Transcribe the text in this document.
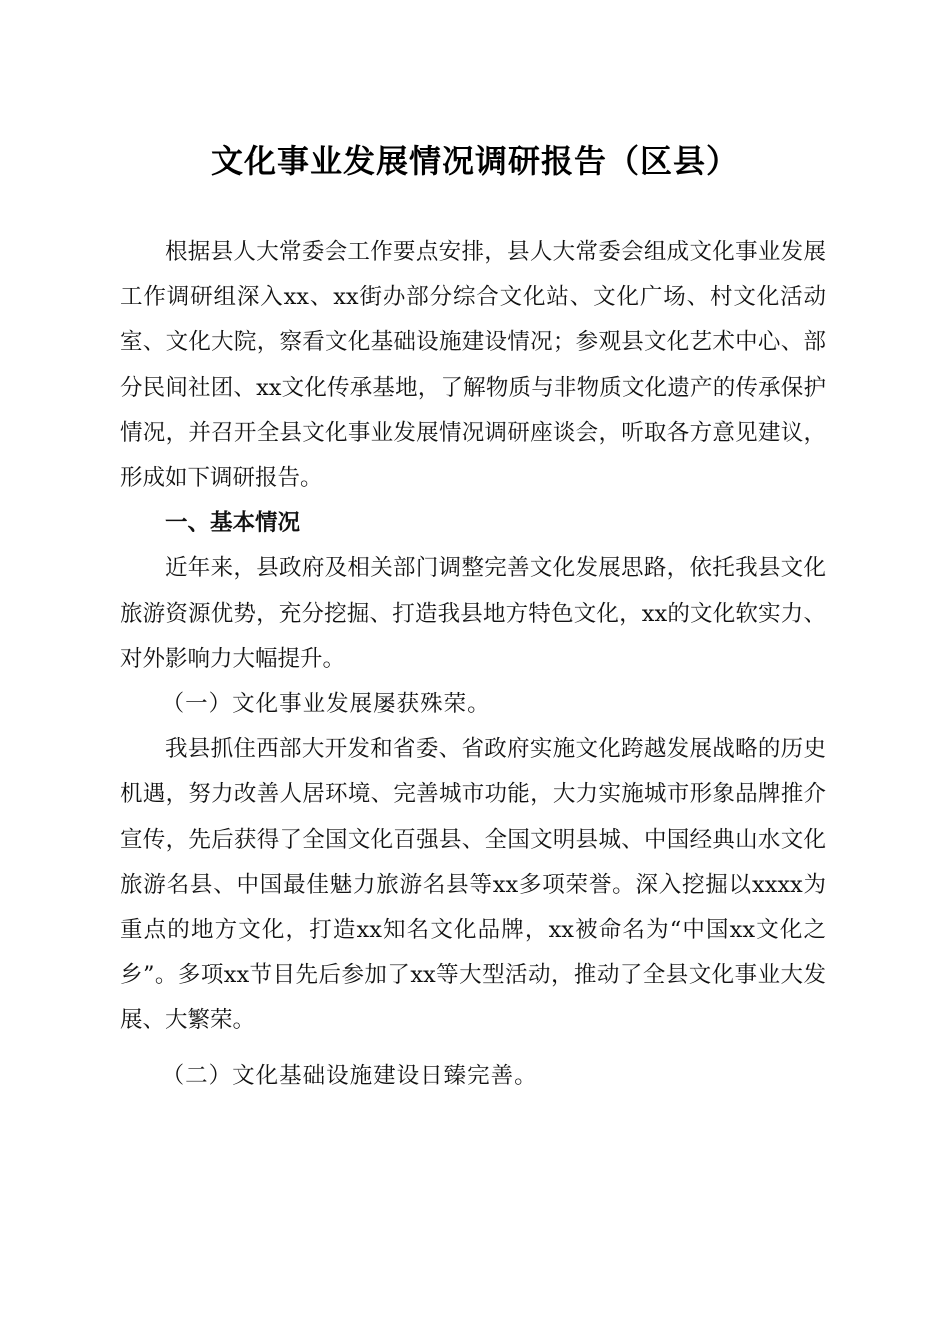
文化事业发展情况调研报告（区县）

根据县人大常委会工作要点安排，县人大常委会组成文化事业发展工作调研组深入xx、xx街办部分综合文化站、文化广场、村文化活动室、文化大院，察看文化基础设施建设情况；参观县文化艺术中心、部分民间社团、xx文化传承基地，了解物质与非物质文化遗产的传承保护情况，并召开全县文化事业发展情况调研座谈会，听取各方意见建议，形成如下调研报告。

一、基本情况

近年来，县政府及相关部门调整完善文化发展思路，依托我县文化旅游资源优势，充分挖掘、打造我县地方特色文化，xx的文化软实力、对外影响力大幅提升。

（一）文化事业发展屡获殊荣。

我县抓住西部大开发和省委、省政府实施文化跨越发展战略的历史机遇，努力改善人居环境、完善城市功能，大力实施城市形象品牌推介宣传，先后获得了全国文化百强县、全国文明县城、中国经典山水文化旅游名县、中国最佳魅力旅游名县等xx多项荣誉。深入挖掘以xxxx为重点的地方文化，打造xx知名文化品牌，xx被命名为“中国xx文化之乡”。多项xx节目先后参加了xx等大型活动，推动了全县文化事业大发展、大繁荣。

（二）文化基础设施建设日臻完善。
